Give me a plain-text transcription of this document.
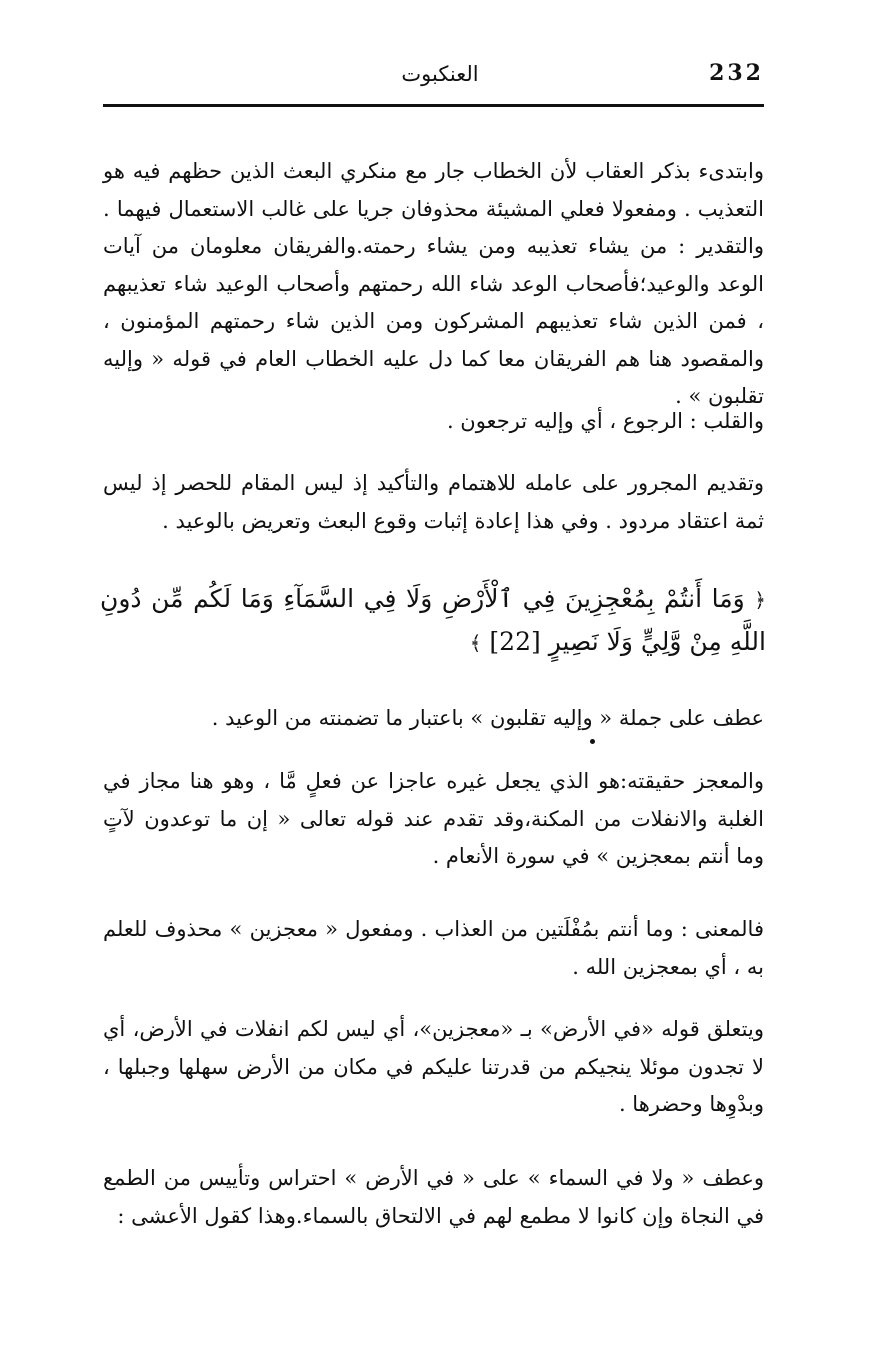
232
العنكبوت

وابتدىء بذكر العقاب لأن الخطاب جار مع منكري البعث الذين حظهم فيه هو التعذيب . ومفعولا فعلي المشيئة محذوفان جريا على غالب الاستعمال فيهما . والتقدير : من يشاء تعذيبه ومن يشاء رحمته.والفريقان معلومان من آيات الوعد والوعيد؛فأصحاب الوعد شاء الله رحمتهم وأصحاب الوعيد شاء تعذيبهم ، فمن الذين شاء تعذيبهم المشركون ومن الذين شاء رحمتهم المؤمنون ، والمقصود هنا هم الفريقان معا كما دل عليه الخطاب العام في قوله « وإليه تقلبون » .

والقلب : الرجوع ، أي وإليه ترجعون .

وتقديم المجرور على عامله للاهتمام والتأكيد إذ ليس المقام للحصر إذ ليس ثمة اعتقاد مردود . وفي هذا إعادة إثبات وقوع البعث وتعريض بالوعيد .

﴿ وَمَا أَنتُمْ بِمُعْجِزِينَ فِي ٱلْأَرْضِ وَلَا فِي السَّمَآءِ وَمَا لَكُم مِّن دُونِ اللَّهِ مِنْ وَّلِيٍّ وَلَا نَصِيرٍ [22] ﴾

عطف على جملة « وإليه تقلبون » باعتبار ما تضمنته من الوعيد .

والمعجز حقيقته:هو الذي يجعل غيره عاجزا عن فعلٍ مَّا ، وهو هنا مجاز في الغلبة والانفلات من المكنة،وقد تقدم عند قوله تعالى « إن ما توعدون لآتٍ وما أنتم بمعجزين » في سورة الأنعام .

فالمعنى : وما أنتم بمُفْلَتين من العذاب . ومفعول « معجزين » محذوف للعلم به ، أي بمعجزين الله .

ويتعلق قوله «في الأرض» بـ «معجزين»، أي ليس لكم انفلات في الأرض، أي لا تجدون موئلا ينجيكم من قدرتنا عليكم في مكان من الأرض سهلها وجبلها ، وبدْوِها وحضرها .

وعطف « ولا في السماء » على « في الأرض » احتراس وتأييس من الطمع في النجاة وإن كانوا لا مطمع لهم في الالتحاق بالسماء.وهذا كقول الأعشى :
